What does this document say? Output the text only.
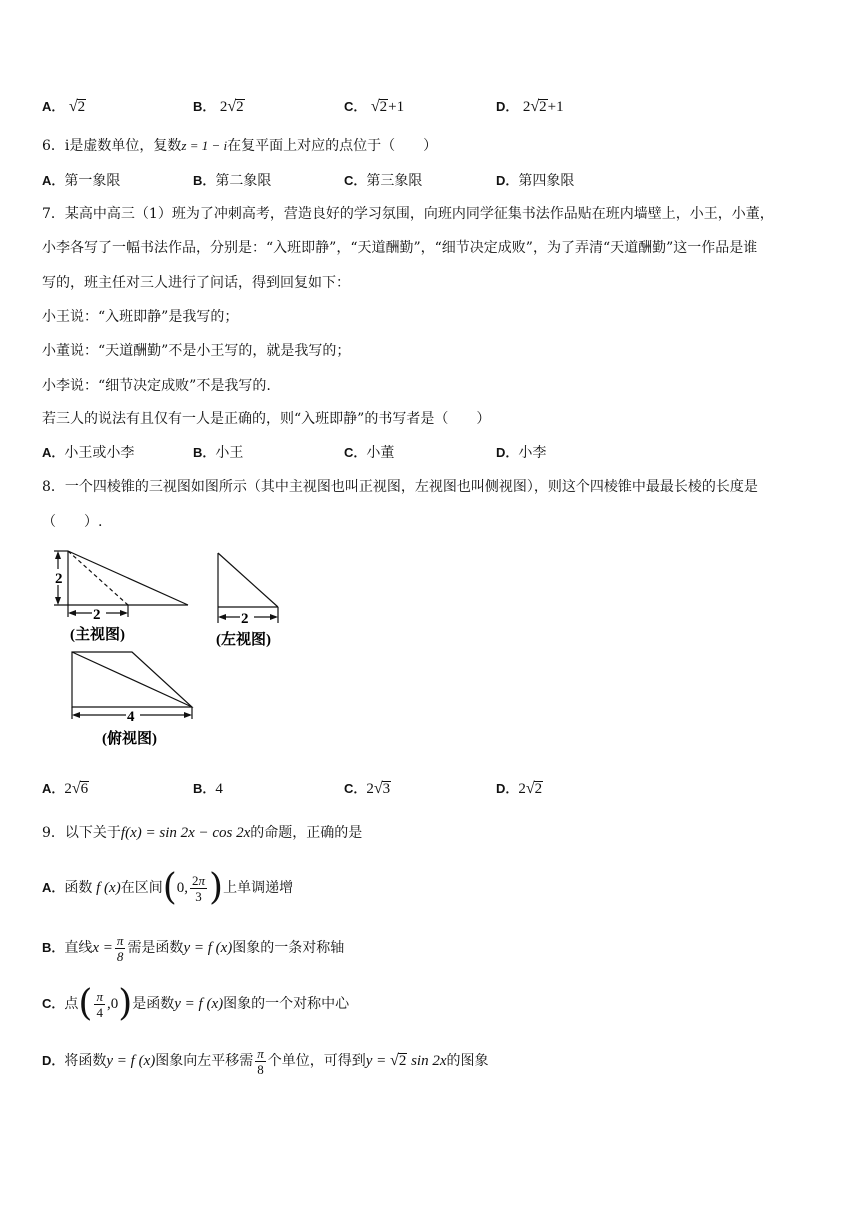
A． √2	B． 2√2	C． √2+1	D． 2√2+1
6．i是虚数单位，复数z = 1 − i在复平面上对应的点位于（　　）
A．第一象限	B．第二象限	C．第三象限	D．第四象限
7．某高中高三（1）班为了冲刺高考，营造良好的学习氛围，向班内同学征集书法作品贴在班内墙壁上，小王，小董，
小李各写了一幅书法作品，分别是：“入班即静”，“天道酬勤”，“细节决定成败”，为了弄清“天道酬勤”这一作品是谁
写的，班主任对三人进行了问话，得到回复如下：
小王说：“入班即静”是我写的；
小董说：“天道酬勤”不是小王写的，就是我写的；
小李说：“细节决定成败”不是我写的.
若三人的说法有且仅有一人是正确的，则“入班即静”的书写者是（　　）
A．小王或小李	B．小王	C．小董	D．小李
8．一个四棱锥的三视图如图所示（其中主视图也叫正视图，左视图也叫侧视图），则这个四棱锥中最最长棱的长度是
（　　）.
2
2
(主视图)
2
(左视图)
4
(俯视图)
A．2√6	B．4	C．2√3	D．2√2
9．以下关于f(x) = sin 2x − cos 2x的命题，正确的是
A．函数 f (x)在区间(0, $\frac{2\pi}{3}$ )上单调递增
B．直线$x = \frac{\pi}{8}$ 需是函数y = f (x)图象的一条对称轴
C．点( $\frac{\pi}{4} ,0$)是函数y = f (x)图象的一个对称中心
D．将函数y = f (x)图象向左平移需 $\frac{\pi}{8}$ 个单位，可得到y = √2 sin 2x的图象
